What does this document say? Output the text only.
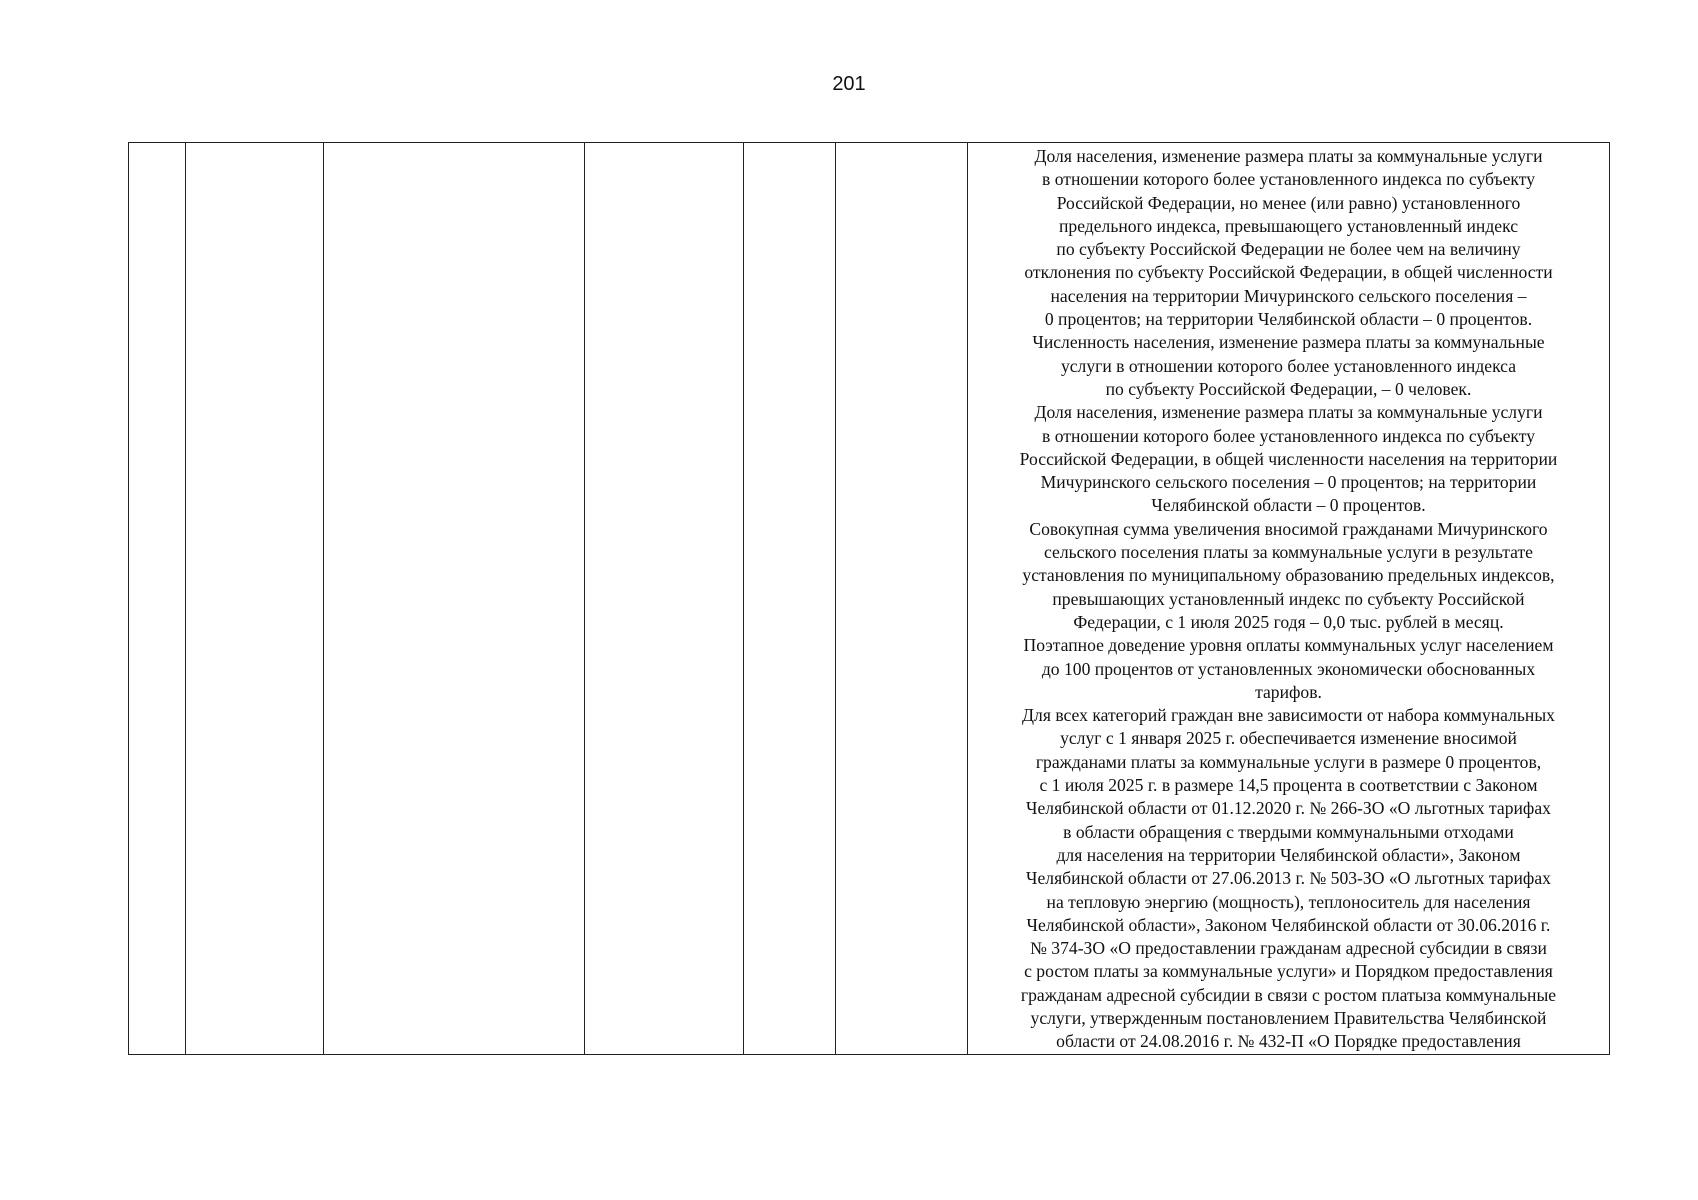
201

Доля населения, изменение размера платы за коммунальные услуги
в отношении которого более установленного индекса по субъекту
Российской Федерации, но менее (или равно) установленного
предельного индекса, превышающего установленный индекс
по субъекту Российской Федерации не более чем на величину
отклонения по субъекту Российской Федерации, в общей численности
населения на территории Мичуринского сельского поселения –
0 процентов; на территории Челябинской области – 0 процентов.
Численность населения, изменение размера платы за коммунальные
услуги в отношении которого более установленного индекса
по субъекту Российской Федерации, – 0 человек.
Доля населения, изменение размера платы за коммунальные услуги
в отношении которого более установленного индекса по субъекту
Российской Федерации, в общей численности населения на территории
Мичуринского сельского поселения – 0 процентов; на территории
Челябинской области – 0 процентов.
Совокупная сумма увеличения вносимой гражданами Мичуринского
сельского поселения платы за коммунальные услуги в результате
установления по муниципальному образованию предельных индексов,
превышающих установленный индекс по субъекту Российской
Федерации, с 1 июля 2025 годя – 0,0 тыс. рублей в месяц.
Поэтапное доведение уровня оплаты коммунальных услуг населением
до 100 процентов от установленных экономически обоснованных
тарифов.
Для всех категорий граждан вне зависимости от набора коммунальных
услуг с 1 января 2025 г. обеспечивается изменение вносимой
гражданами платы за коммунальные услуги в размере 0 процентов,
с 1 июля 2025 г. в размере 14,5 процента в соответствии с Законом
Челябинской области от 01.12.2020 г. № 266-ЗО «О льготных тарифах
в области обращения с твердыми коммунальными отходами
для населения на территории Челябинской области», Законом
Челябинской области от 27.06.2013 г. № 503-ЗО «О льготных тарифах
на тепловую энергию (мощность), теплоноситель для населения
Челябинской области», Законом Челябинской области от 30.06.2016 г.
№ 374-ЗО «О предоставлении гражданам адресной субсидии в связи
с ростом платы за коммунальные услуги» и Порядком предоставления
гражданам адресной субсидии в связи с ростом платыза коммунальные
услуги, утвержденным постановлением Правительства Челябинской
области от 24.08.2016 г. № 432-П «О Порядке предоставления
